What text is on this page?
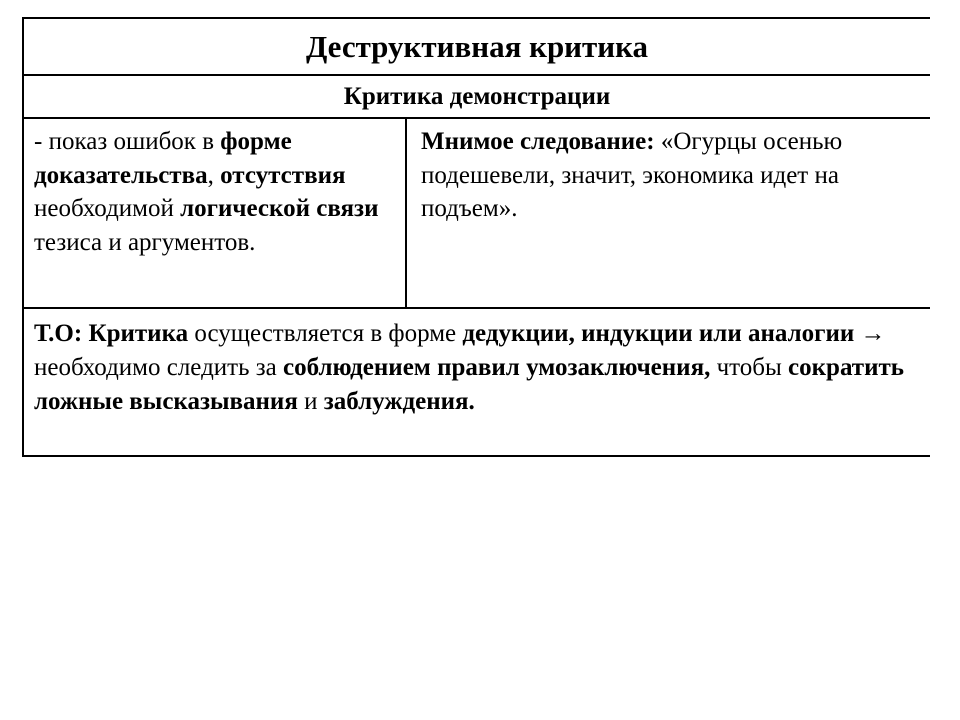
Деструктивная критика
Критика демонстрации
- показ ошибок в форме доказательства, отсутствия необходимой логической связи тезиса и аргументов.
Мнимое следование: «Огурцы осенью подешевели, значит, экономика идет на подъем».
Т.О: Критика осуществляется в форме дедукции, индукции или аналогии → необходимо следить за соблюдением правил умозаключения, чтобы сократить ложные высказывания и заблуждения.
